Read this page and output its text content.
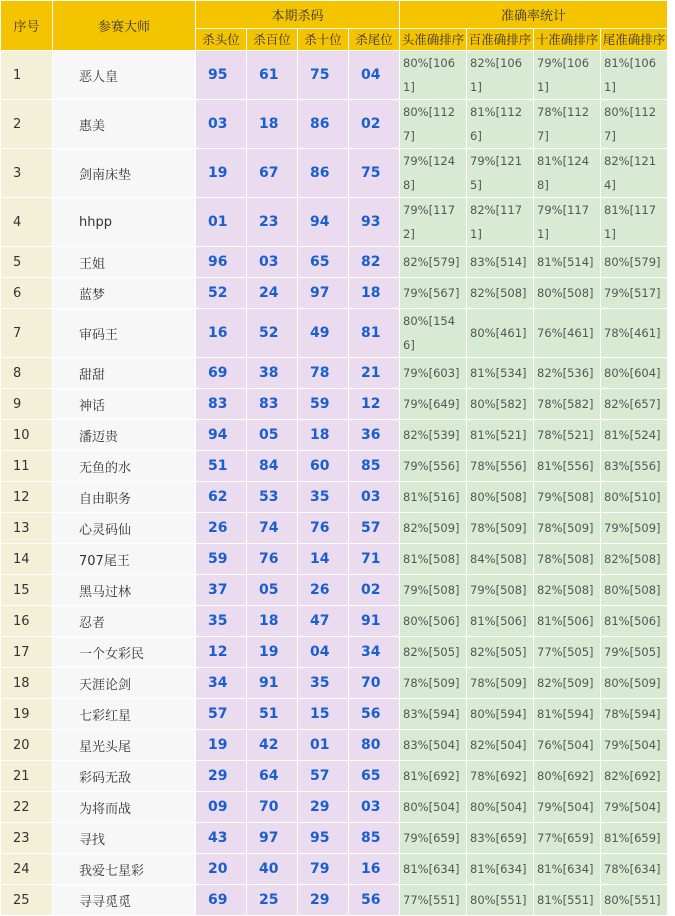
序号	参赛大师	本期杀码				准确率统计				
		杀头位	杀百位	杀十位	杀尾位	头准确排序	百准确排序	十准确排序	尾准确排序	
1	恶人皇	95	61	75	04	80%[1061]	82%[1061]	79%[1061]	81%[1061]	
2	惠美	03	18	86	02	80%[1127]	81%[1126]	78%[1127]	80%[1127]	
3	剑南床垫	19	67	86	75	79%[1248]	79%[1215]	81%[1248]	82%[1214]	
4	hhpp	01	23	94	93	79%[1172]	82%[1171]	79%[1171]	81%[1171]	
5	王姐	96	03	65	82	82%[579]	83%[514]	81%[514]	80%[579]	
6	蓝梦	52	24	97	18	79%[567]	82%[508]	80%[508]	79%[517]	
7	审码王	16	52	49	81	80%[1546]	80%[461]	76%[461]	78%[461]	
8	甜甜	69	38	78	21	79%[603]	81%[534]	82%[536]	80%[604]	
9	神话	83	83	59	12	79%[649]	80%[582]	78%[582]	82%[657]	
10	潘迈贵	94	05	18	36	82%[539]	81%[521]	78%[521]	81%[524]	
11	无鱼的水	51	84	60	85	79%[556]	78%[556]	81%[556]	83%[556]	
12	自由职务	62	53	35	03	81%[516]	80%[508]	79%[508]	80%[510]	
13	心灵码仙	26	74	76	57	82%[509]	78%[509]	78%[509]	79%[509]	
14	707尾王	59	76	14	71	81%[508]	84%[508]	78%[508]	82%[508]	
15	黑马过林	37	05	26	02	79%[508]	79%[508]	82%[508]	80%[508]	
16	忍者	35	18	47	91	80%[506]	81%[506]	81%[506]	81%[506]	
17	一个女彩民	12	19	04	34	82%[505]	82%[505]	77%[505]	79%[505]	
18	天涯论剑	34	91	35	70	78%[509]	78%[509]	82%[509]	80%[509]	
19	七彩红星	57	51	15	56	83%[594]	80%[594]	81%[594]	78%[594]	
20	星光头尾	19	42	01	80	83%[504]	82%[504]	76%[504]	79%[504]	
21	彩码无敌	29	64	57	65	81%[692]	78%[692]	80%[692]	82%[692]	
22	为将而战	09	70	29	03	80%[504]	80%[504]	79%[504]	79%[504]	
23	寻找	43	97	95	85	79%[659]	83%[659]	77%[659]	81%[659]	
24	我爱七星彩	20	40	79	16	81%[634]	81%[634]	81%[634]	78%[634]	
25	寻寻觅觅	69	25	29	56	77%[551]	80%[551]	81%[551]	80%[551]	
